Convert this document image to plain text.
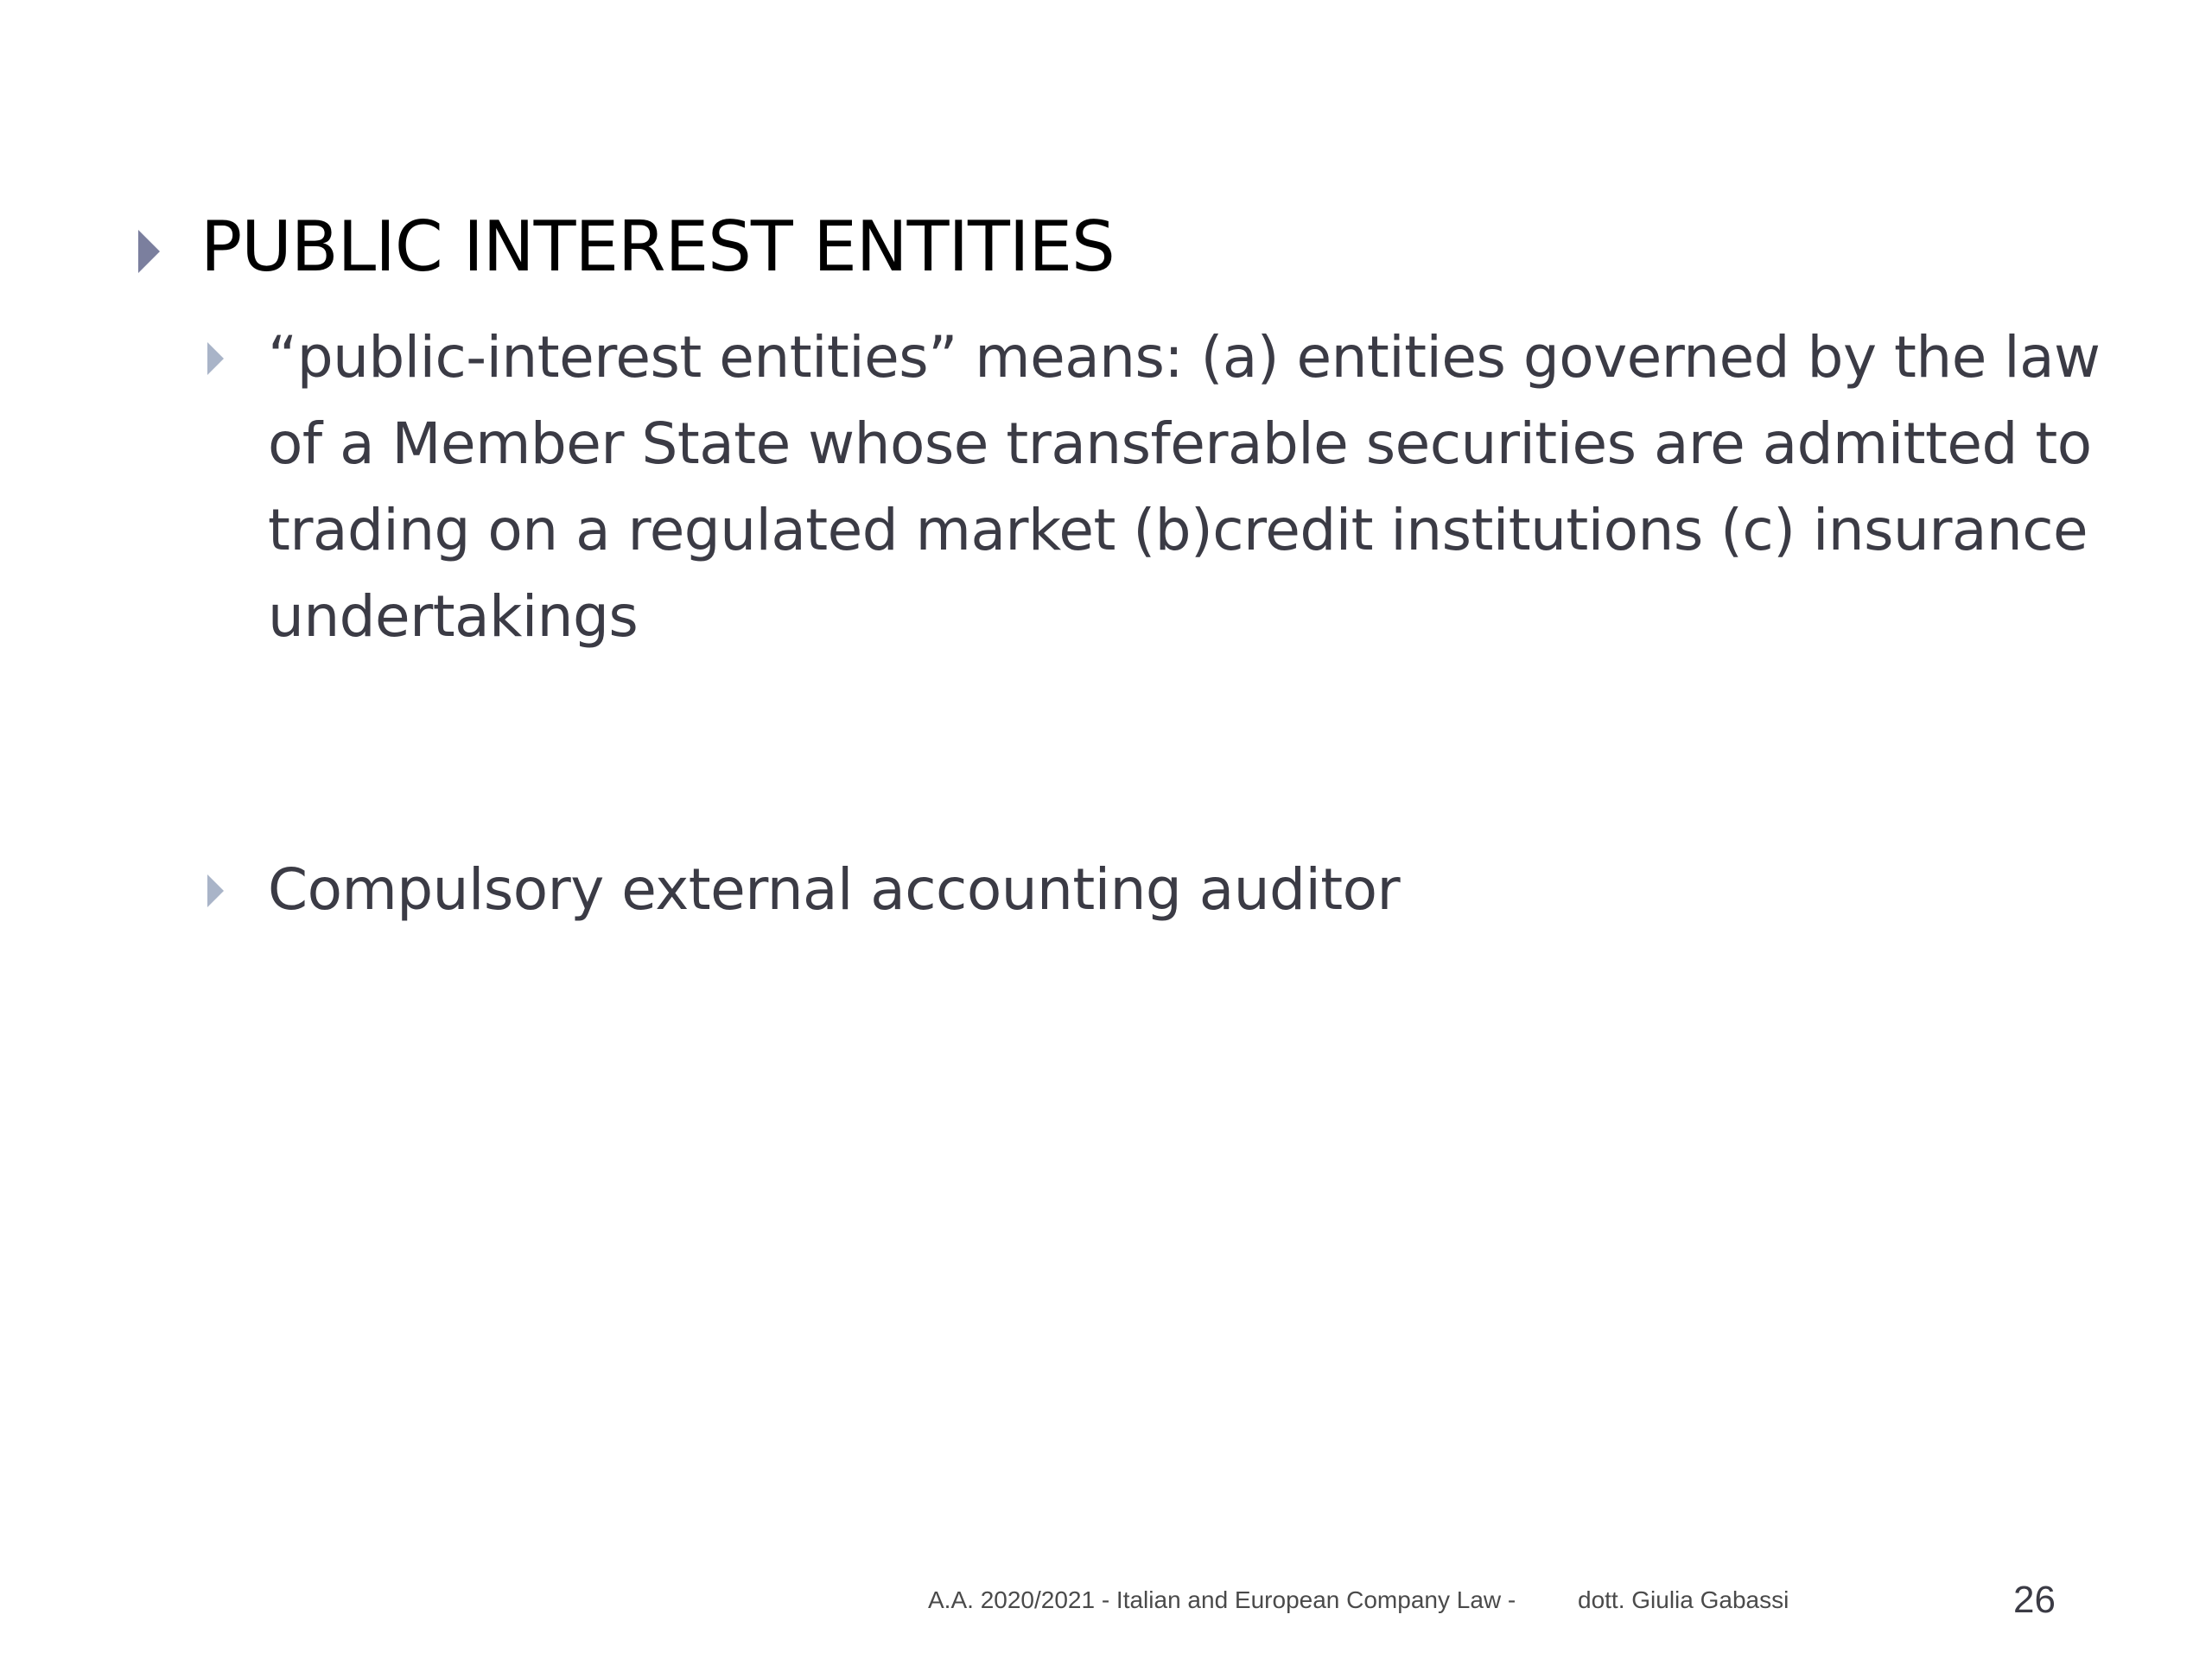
PUBLIC INTEREST ENTITIES
“public-interest entities” means: (a) entities governed by the law of a Member State whose transferable securities are admitted to trading on a regulated market (b)credit institutions (c) insurance undertakings
Compulsory external accounting auditor
A.A. 2020/2021 - Italian and European Company Law -	dott. Giulia Gabassi	26
